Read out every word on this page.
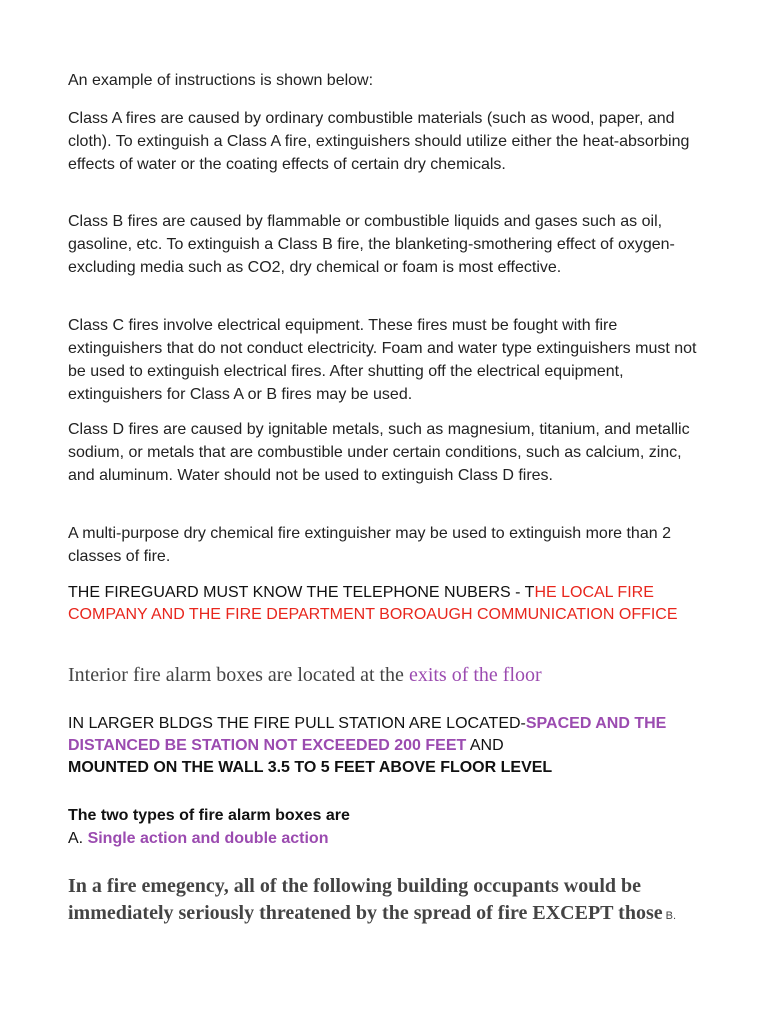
An example of instructions is shown below:

Class A fires are caused by ordinary combustible materials (such as wood, paper, and cloth). To extinguish a Class A fire, extinguishers should utilize either the heat-absorbing effects of water or the coating effects of certain dry chemicals.

Class B fires are caused by flammable or combustible liquids and gases such as oil, gasoline, etc. To extinguish a Class B fire, the blanketing-smothering effect of oxygen- excluding media such as CO2, dry chemical or foam is most effective.

Class C fires involve electrical equipment. These fires must be fought with fire extinguishers that do not conduct electricity. Foam and water type extinguishers must not be used to extinguish electrical fires. After shutting off the electrical equipment, extinguishers for Class A or B fires may be used.

Class D fires are caused by ignitable metals, such as magnesium, titanium, and metallic sodium, or metals that are combustible under certain conditions, such as calcium, zinc, and aluminum. Water should not be used to extinguish Class D fires.

A multi-purpose dry chemical fire extinguisher may be used to extinguish more than 2 classes of fire.

THE FIREGUARD MUST KNOW THE TELEPHONE NUBERS - THE LOCAL FIRE COMPANY AND THE FIRE DEPARTMENT BOROAUGH COMMUNICATION OFFICE

Interior fire alarm boxes are located at the exits of the floor

IN LARGER BLDGS THE FIRE PULL STATION ARE LOCATED-SPACED AND THE DISTANCED BE STATION NOT EXCEEDED 200 FEET AND
MOUNTED ON THE WALL 3.5 TO 5 FEET ABOVE FLOOR LEVEL

The two types of fire alarm boxes are
A. Single action and double action

In a fire emegency, all of the following building occupants would be immediately seriously threatened by the spread of fire EXCEPT those B.
